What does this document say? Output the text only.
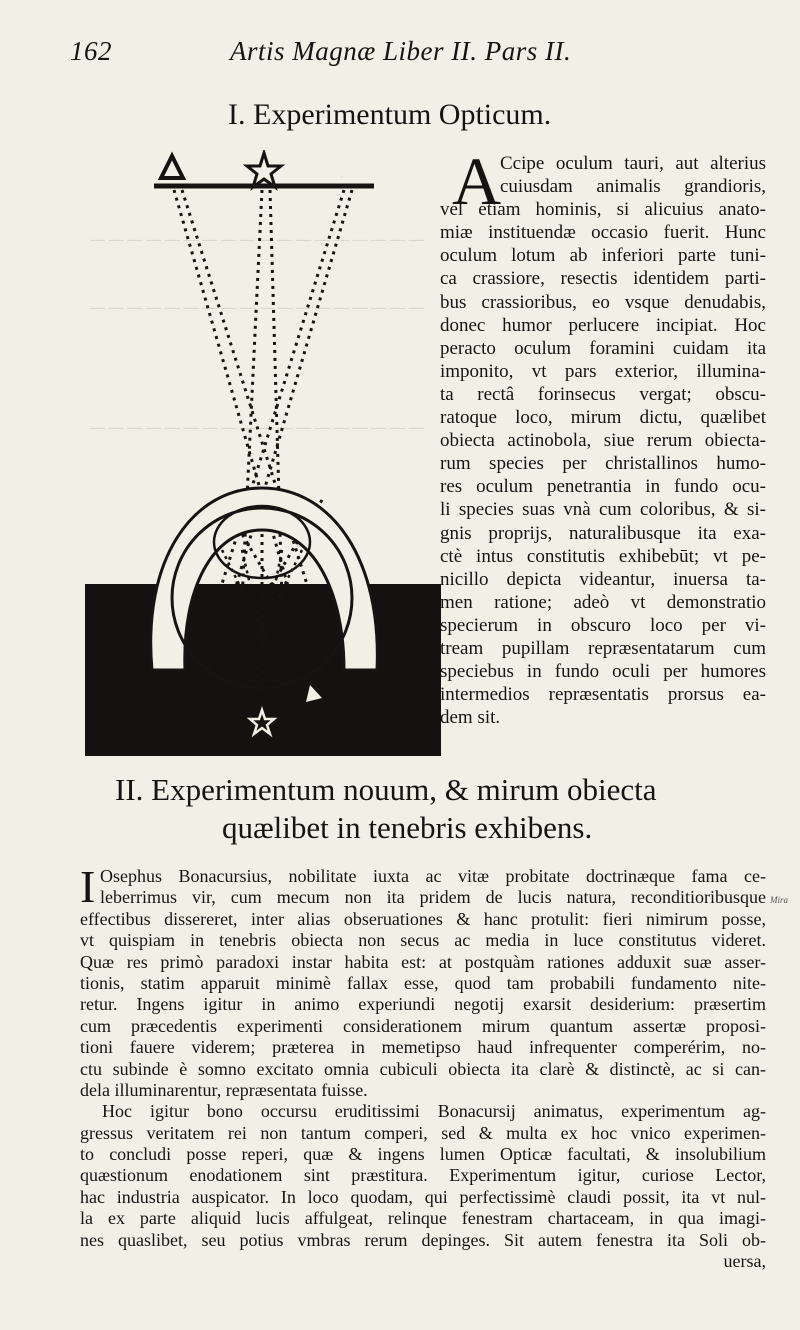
— — — — — — — — — — — — — — — — — —
— — — — — — — — — — — — — — — — — —
— — — — — — — — — — — — — — — — — —
162	Artis Magnæ Liber II. Pars II.
I. Experimentum Opticum.
A
Ccipe oculum tauri, aut alterius
cuiusdam animalis grandioris,
vel etiam hominis, si alicuius anato-
miæ instituendæ occasio fuerit. Hunc
oculum lotum ab inferiori parte tuni-
ca crassiore, resectis identidem parti-
bus crassioribus, eo vsque denudabis,
donec humor perlucere incipiat. Hoc
peracto oculum foramini cuidam ita
imponito, vt pars exterior, illumina-
ta rectâ forinsecus vergat; obscu-
ratoque loco, mirum dictu, quælibet
obiecta actinobola, siue rerum obiecta-
rum species per christallinos humo-
res oculum penetrantia in fundo ocu-
li species suas vnà cum coloribus, & si-
gnis proprijs, naturalibusque ita exa-
ctè intus constitutis exhibebūt; vt pe-
nicillo depicta videantur, inuersa ta-
men ratione; adeò vt demonstratio
specierum in obscuro loco per vi-
tream pupillam repræsentatarum cum
speciebus in fundo oculi per humores
intermedios repræsentatis prorsus ea-
dem sit.
II. Experimentum nouum, & mirum obiecta
quælibet in tenebris exhibens.
I Osephus Bonacursius, nobilitate iuxta ac vitæ probitate doctrinæque fama ce-
leberrimus vir, cum mecum non ita pridem de lucis natura, reconditioribusque
effectibus dissereret, inter alias obseruationes & hanc protulit: fieri nimirum posse,
vt quispiam in tenebris obiecta non secus ac media in luce constitutus videret.
Quæ res primò paradoxi instar habita est: at postquàm rationes adduxit suæ asser-
tionis, statim apparuit minimè fallax esse, quod tam probabili fundamento nite-
retur. Ingens igitur in animo experiundi negotij exarsit desiderium: præsertim
cum præcedentis experimenti considerationem mirum quantum assertæ proposi-
tioni fauere viderem; præterea in memetipso haud infrequenter comperérim, no-
ctu subinde è somno excitato omnia cubiculi obiecta ita clarè & distinctè, ac si can-
dela illuminarentur, repræsentata fuisse.
Hoc igitur bono occursu eruditissimi Bonacursij animatus, experimentum ag-
gressus veritatem rei non tantum comperi, sed & multa ex hoc vnico experimen-
to concludi posse reperi, quæ & ingens lumen Opticæ facultati, & insolubilium
quæstionum enodationem sint præstitura. Experimentum igitur, curiose Lector,
hac industria auspicator. In loco quodam, qui perfectissimè claudi possit, ita vt nul-
la ex parte aliquid lucis affulgeat, relinque fenestram chartaceam, in qua imagi-
nes quaslibet, seu potius vmbras rerum depinges. Sit autem fenestra ita Soli ob-
uersa,
Mira
